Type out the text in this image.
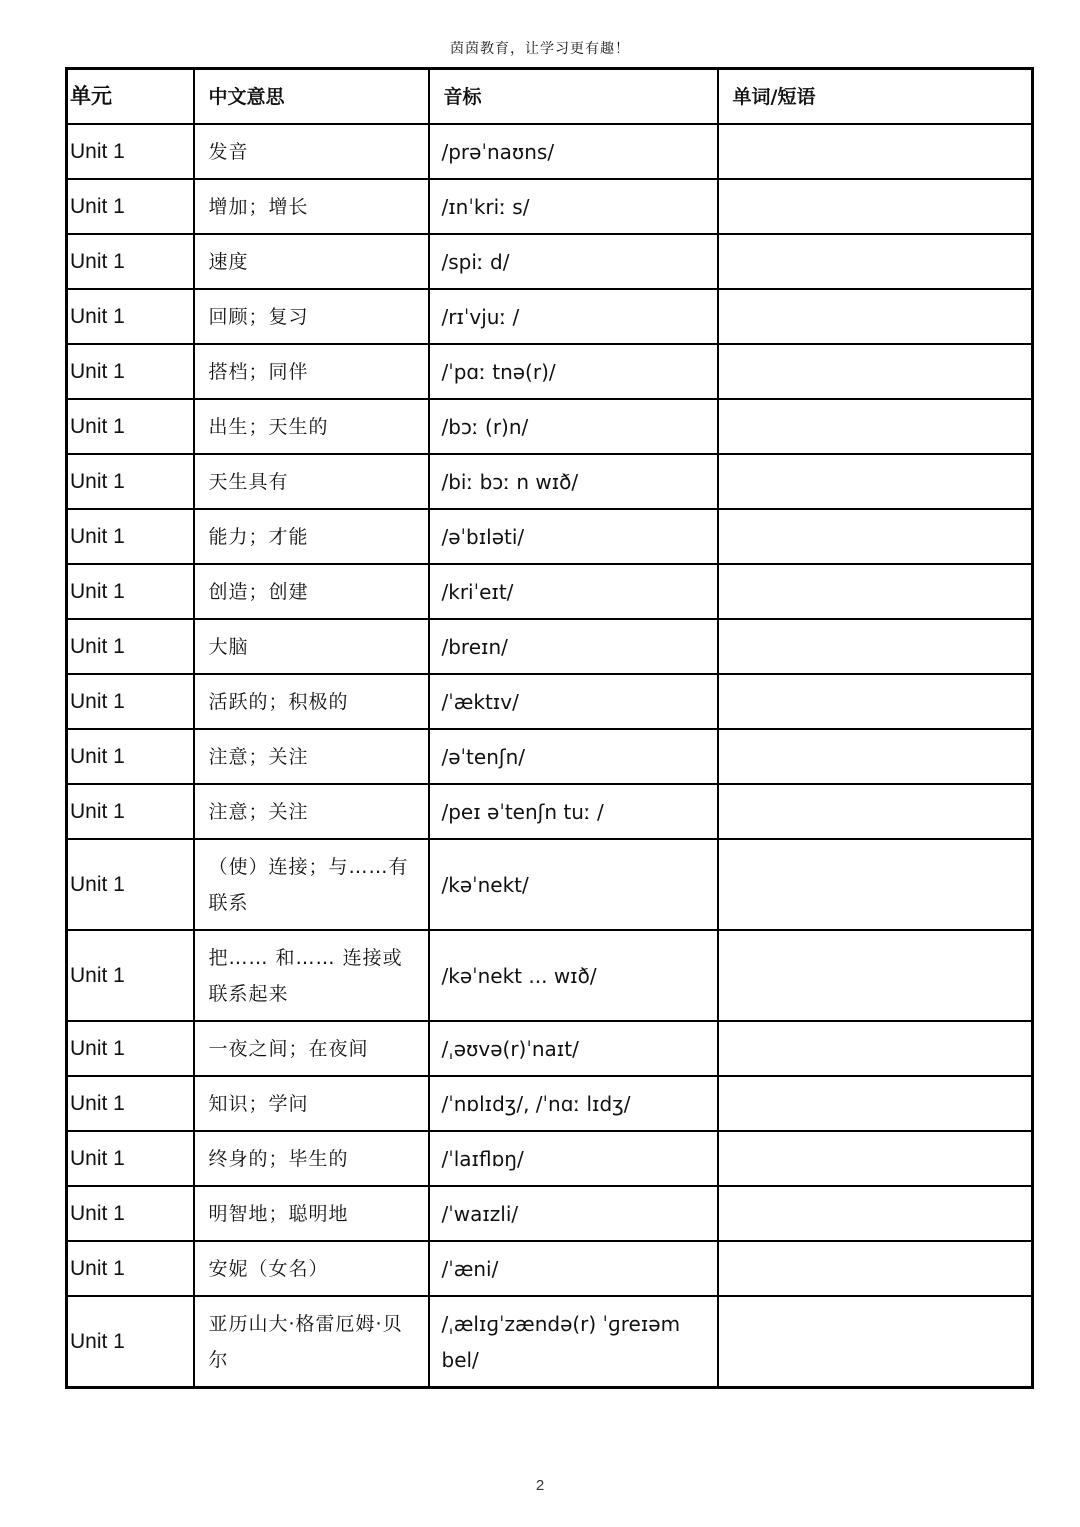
茵茵教育，让学习更有趣！
单元	中文意思	音标	单词/短语
Unit 1	发音	/prəˈnaʊns/	
Unit 1	增加；增长	/ɪnˈkriː s/	
Unit 1	速度	/spiː d/	
Unit 1	回顾；复习	/rɪˈvjuː /	
Unit 1	搭档；同伴	/ˈpɑː tnə(r)/	
Unit 1	出生；天生的	/bɔː (r)n/	
Unit 1	天生具有	/biː bɔː n wɪð/	
Unit 1	能力；才能	/əˈbɪləti/	
Unit 1	创造；创建	/kriˈeɪt/	
Unit 1	大脑	/breɪn/	
Unit 1	活跃的；积极的	/ˈæktɪv/	
Unit 1	注意；关注	/əˈtenʃn/	
Unit 1	注意；关注	/peɪ əˈtenʃn tuː /	
Unit 1	（使）连接；与……有联系	/kəˈnekt/	
Unit 1	把…… 和…… 连接或联系起来	/kəˈnekt ... wɪð/	
Unit 1	一夜之间；在夜间	/ˌəʊvə(r)ˈnaɪt/	
Unit 1	知识；学问	/ˈnɒlɪdʒ/, /ˈnɑː lɪdʒ/	
Unit 1	终身的；毕生的	/ˈlaɪflɒŋ/	
Unit 1	明智地；聪明地	/ˈwaɪzli/	
Unit 1	安妮（女名）	/ˈæni/	
Unit 1	亚历山大·格雷厄姆·贝尔	/ˌælɪɡˈzændə(r) ˈɡreɪəm bel/	
2
